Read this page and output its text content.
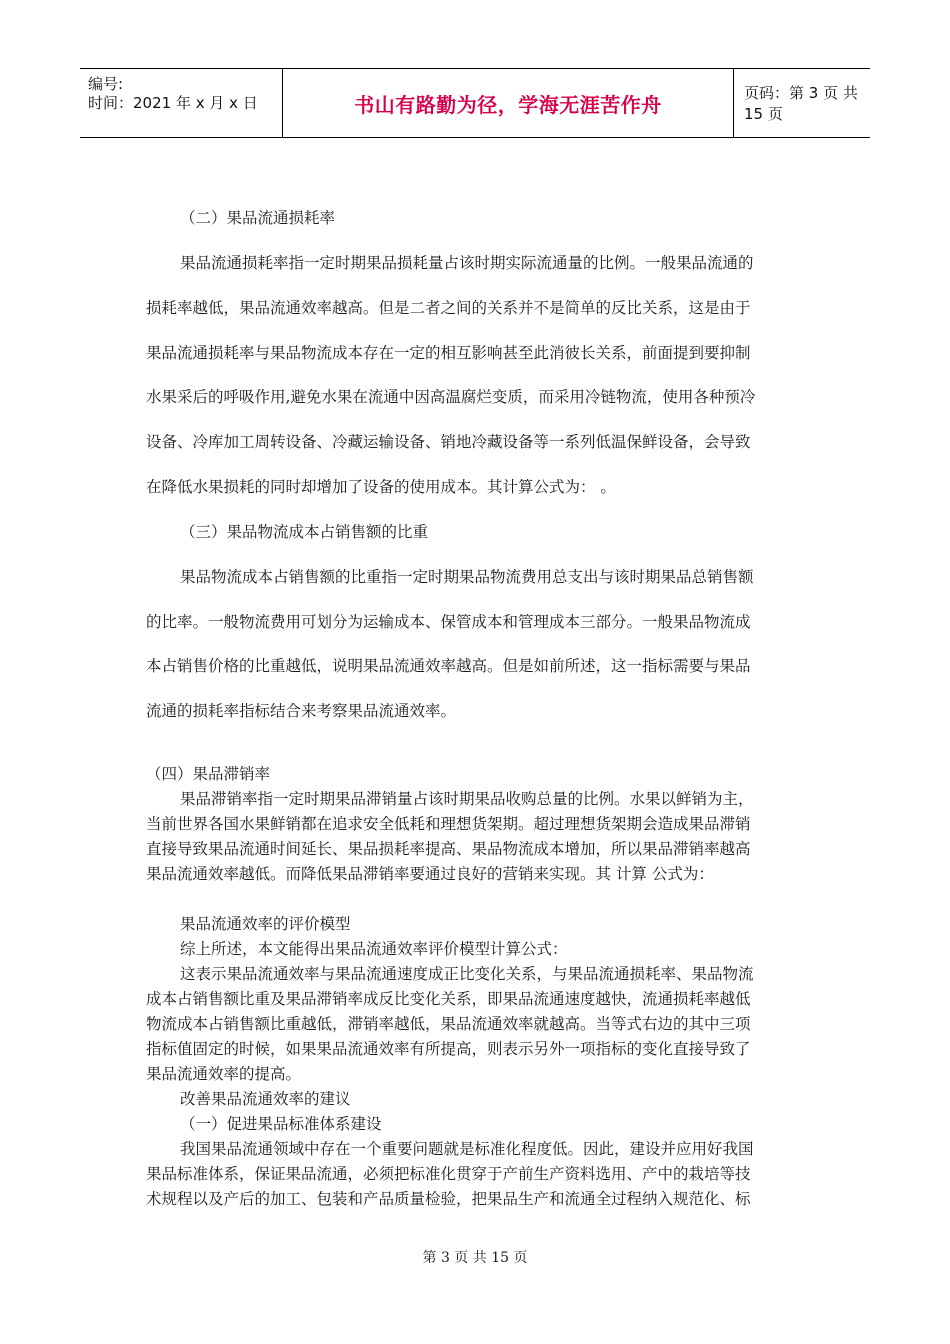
编号:
时间：2021 年 x 月 x 日	书山有路勤为径，学海无涯苦作舟	页码：第 3 页 共 15 页
（二）果品流通损耗率
果品流通损耗率指一定时期果品损耗量占该时期实际流通量的比例。一般果品流通的
损耗率越低，果品流通效率越高。但是二者之间的关系并不是简单的反比关系，这是由于
果品流通损耗率与果品物流成本存在一定的相互影响甚至此消彼长关系，前面提到要抑制
水果采后的呼吸作用,避免水果在流通中因高温腐烂变质，而采用冷链物流，使用各种预冷
设备、冷库加工周转设备、冷藏运输设备、销地冷藏设备等一系列低温保鲜设备，会导致
在降低水果损耗的同时却增加了设备的使用成本。其计算公式为： 。
（三）果品物流成本占销售额的比重
果品物流成本占销售额的比重指一定时期果品物流费用总支出与该时期果品总销售额
的比率。一般物流费用可划分为运输成本、保管成本和管理成本三部分。一般果品物流成
本占销售价格的比重越低，说明果品流通效率越高。但是如前所述，这一指标需要与果品
流通的损耗率指标结合来考察果品流通效率。
（四）果品滞销率
果品滞销率指一定时期果品滞销量占该时期果品收购总量的比例。水果以鲜销为主，
当前世界各国水果鲜销都在追求安全低耗和理想货架期。超过理想货架期会造成果品滞销
直接导致果品流通时间延长、果品损耗率提高、果品物流成本增加，所以果品滞销率越高
果品流通效率越低。而降低果品滞销率要通过良好的营销来实现。其 计算 公式为：
果品流通效率的评价模型
综上所述，本文能得出果品流通效率评价模型计算公式：
这表示果品流通效率与果品流通速度成正比变化关系，与果品流通损耗率、果品物流
成本占销售额比重及果品滞销率成反比变化关系，即果品流通速度越快，流通损耗率越低
物流成本占销售额比重越低，滞销率越低，果品流通效率就越高。当等式右边的其中三项
指标值固定的时候，如果果品流通效率有所提高，则表示另外一项指标的变化直接导致了
果品流通效率的提高。
改善果品流通效率的建议
（一）促进果品标准体系建设
我国果品流通领域中存在一个重要问题就是标准化程度低。因此，建设并应用好我国
果品标准体系，保证果品流通，必须把标准化贯穿于产前生产资料选用、产中的栽培等技
术规程以及产后的加工、包装和产品质量检验，把果品生产和流通全过程纳入规范化、标
第 3 页 共 15 页
